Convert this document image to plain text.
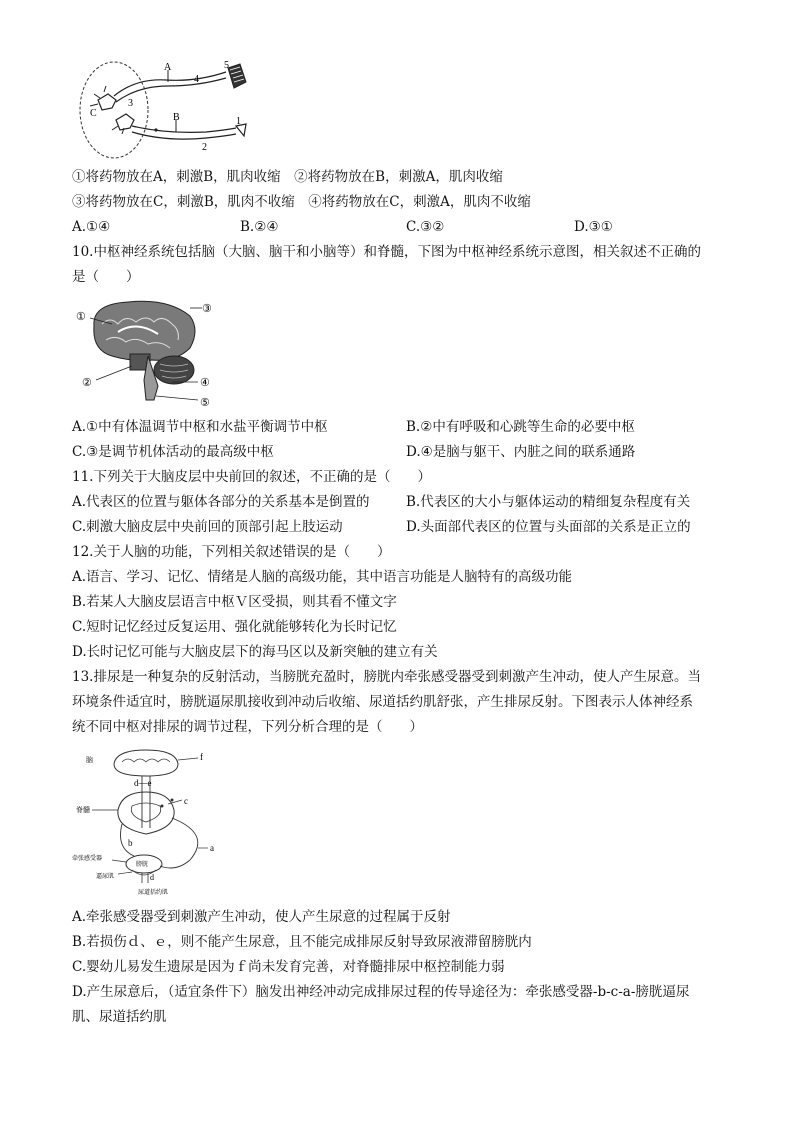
A
B
C
1
2
3
4
5
①将药物放在A，刺激B，肌肉收缩　②将药物放在B，刺激A，肌肉收缩
③将药物放在C，刺激B，肌肉不收缩　④将药物放在C，刺激A，肌肉不收缩
A.①④	B.②④	C.③②	D.③①
10.中枢神经系统包括脑（大脑、脑干和小脑等）和脊髓，下图为中枢神经系统示意图，相关叙述不正确的
是（　　）
①
②
③
④
⑤
A.①中有体温调节中枢和水盐平衡调节中枢	B.②中有呼吸和心跳等生命的必要中枢
C.③是调节机体活动的最高级中枢	D.④是脑与躯干、内脏之间的联系通路
11.下列关于大脑皮层中央前回的叙述，不正确的是（　　）
A.代表区的位置与躯体各部分的关系基本是倒置的	B.代表区的大小与躯体运动的精细复杂程度有关
C.刺激大脑皮层中央前回的顶部引起上肢运动	D.头面部代表区的位置与头面部的关系是正立的
12.关于人脑的功能，下列相关叙述错误的是（　　）
A.语言、学习、记忆、情绪是人脑的高级功能，其中语言功能是人脑特有的高级功能
B.若某人大脑皮层语言中枢Ｖ区受损，则其看不懂文字
C.短时记忆经过反复运用、强化就能够转化为长时记忆
D.长时记忆可能与大脑皮层下的海马区以及新突触的建立有关
13.排尿是一种复杂的反射活动，当膀胱充盈时，膀胱内牵张感受器受到刺激产生冲动，使人产生尿意。当
环境条件适宜时，膀胱逼尿肌接收到冲动后收缩、尿道括约肌舒张，产生排尿反射。下图表示人体神经系
统不同中枢对排尿的调节过程，下列分析合理的是（　　）
脑
脊髓
f
d—e
c
b	a
牵张感受器
膀胱
逼尿肌	d
尿道括约肌
A.牵张感受器受到刺激产生冲动，使人产生尿意的过程属于反射
B.若损伤ｄ、ｅ，则不能产生尿意，且不能完成排尿反射导致尿液滞留膀胱内
C.婴幼儿易发生遗尿是因为ｆ尚未发育完善，对脊髓排尿中枢控制能力弱
D.产生尿意后，（适宜条件下）脑发出神经冲动完成排尿过程的传导途径为：牵张感受器-b-c-a-膀胱逼尿
肌、尿道括约肌
